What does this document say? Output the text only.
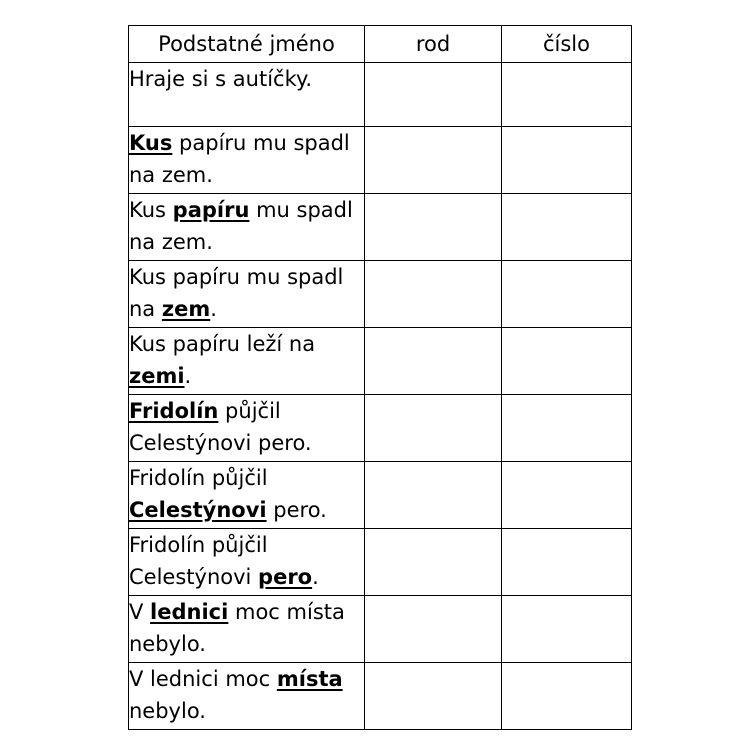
Podstatné jméno	rod	číslo
Hraje si s autíčky.		
Kus papíru mu spadl na zem.		
Kus papíru mu spadl na zem.		
Kus papíru mu spadl na zem.		
Kus papíru leží na zemi.		
Fridolín půjčil Celestýnovi pero.		
Fridolín půjčil Celestýnovi pero.		
Fridolín půjčil Celestýnovi pero.		
V lednici moc místa nebylo.		
V lednici moc místa nebylo.		
